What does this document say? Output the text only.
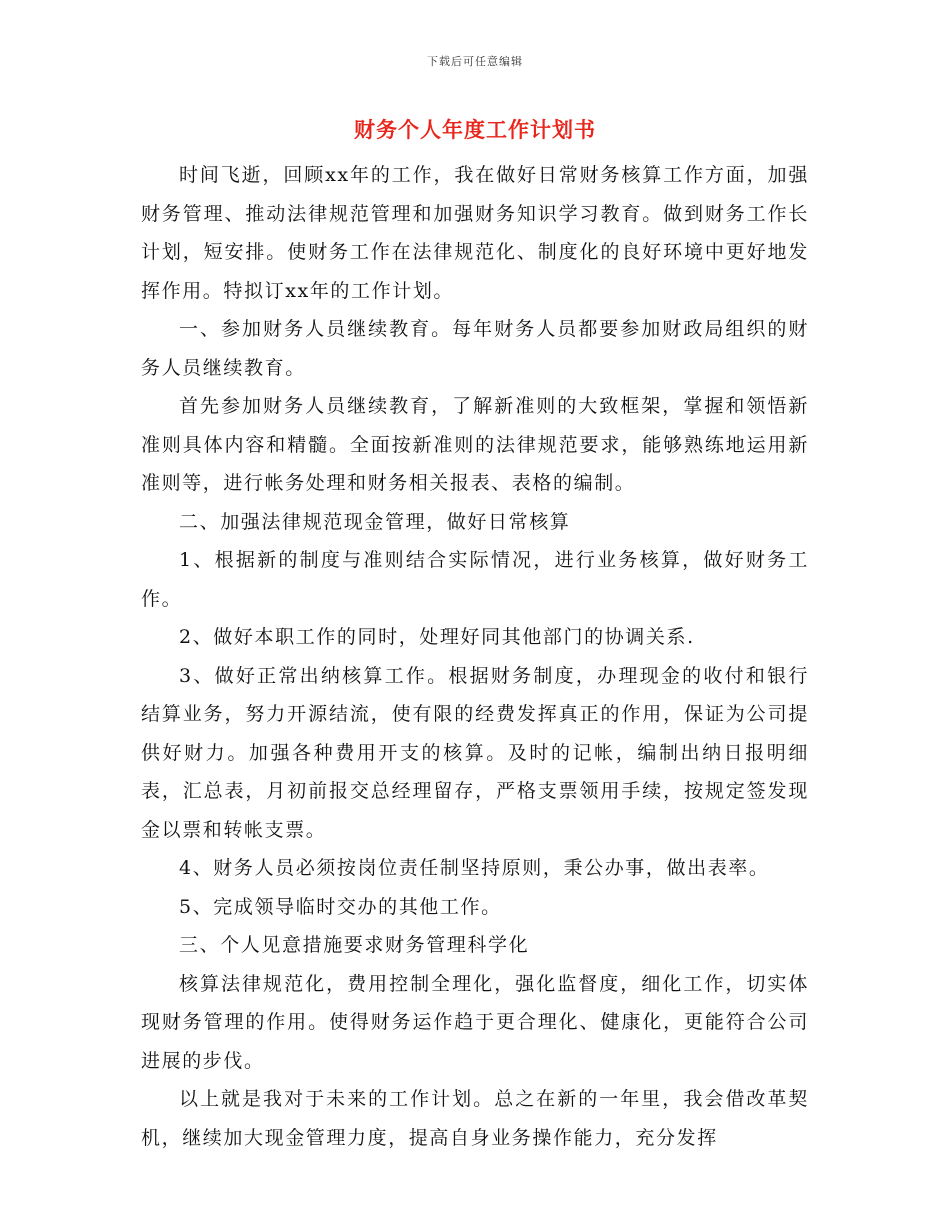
下载后可任意编辑
财务个人年度工作计划书

时间飞逝，回顾xx年的工作，我在做好日常财务核算工作方面，加强财务管理、推动法律规范管理和加强财务知识学习教育。做到财务工作长计划，短安排。使财务工作在法律规范化、制度化的良好环境中更好地发挥作用。特拟订xx年的工作计划。

一、参加财务人员继续教育。每年财务人员都要参加财政局组织的财务人员继续教育。

首先参加财务人员继续教育，了解新准则的大致框架，掌握和领悟新准则具体内容和精髓。全面按新准则的法律规范要求，能够熟练地运用新准则等，进行帐务处理和财务相关报表、表格的编制。

二、加强法律规范现金管理，做好日常核算

1、根据新的制度与准则结合实际情况，进行业务核算，做好财务工作。

2、做好本职工作的同时，处理好同其他部门的协调关系.

3、做好正常出纳核算工作。根据财务制度，办理现金的收付和银行结算业务，努力开源结流，使有限的经费发挥真正的作用，保证为公司提供好财力。加强各种费用开支的核算。及时的记帐，编制出纳日报明细表，汇总表，月初前报交总经理留存，严格支票领用手续，按规定签发现金以票和转帐支票。

4、财务人员必须按岗位责任制坚持原则，秉公办事，做出表率。

5、完成领导临时交办的其他工作。

三、个人见意措施要求财务管理科学化

核算法律规范化，费用控制全理化，强化监督度，细化工作，切实体现财务管理的作用。使得财务运作趋于更合理化、健康化，更能符合公司进展的步伐。

以上就是我对于未来的工作计划。总之在新的一年里，我会借改革契机，继续加大现金管理力度，提高自身业务操作能力，充分发挥
